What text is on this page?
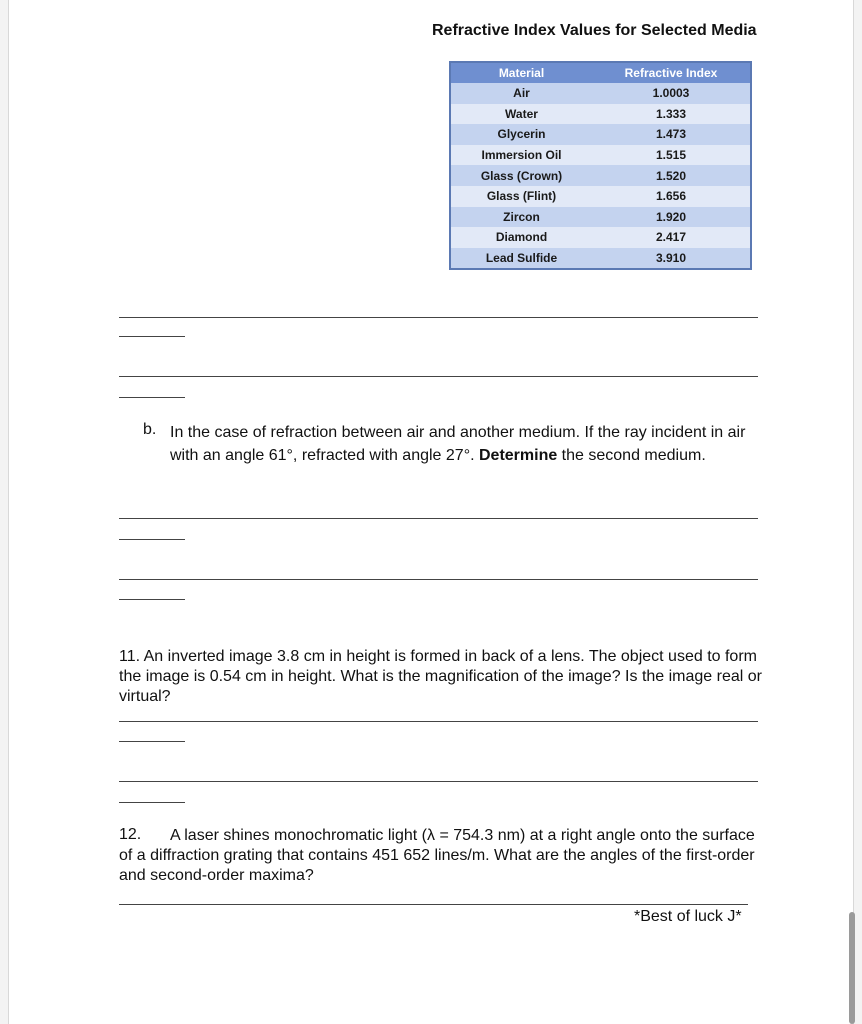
Refractive Index Values for Selected Media
Material	Refractive Index
Air	1.0003
Water	1.333
Glycerin	1.473
Immersion Oil	1.515
Glass (Crown)	1.520
Glass (Flint)	1.656
Zircon	1.920
Diamond	2.417
Lead Sulfide	3.910
b. In the case of refraction between air and another medium. If the ray incident in air with an angle 61°, refracted with angle 27°. Determine the second medium.
11. An inverted image 3.8 cm in height is formed in back of a lens. The object used to form the image is 0.54 cm in height. What is the magnification of the image? Is the image real or virtual?
12.	A laser shines monochromatic light (λ = 754.3 nm) at a right angle onto the surface of a diffraction grating that contains 451 652 lines/m. What are the angles of the first-order and second-order maxima?
*Best of luck J*
